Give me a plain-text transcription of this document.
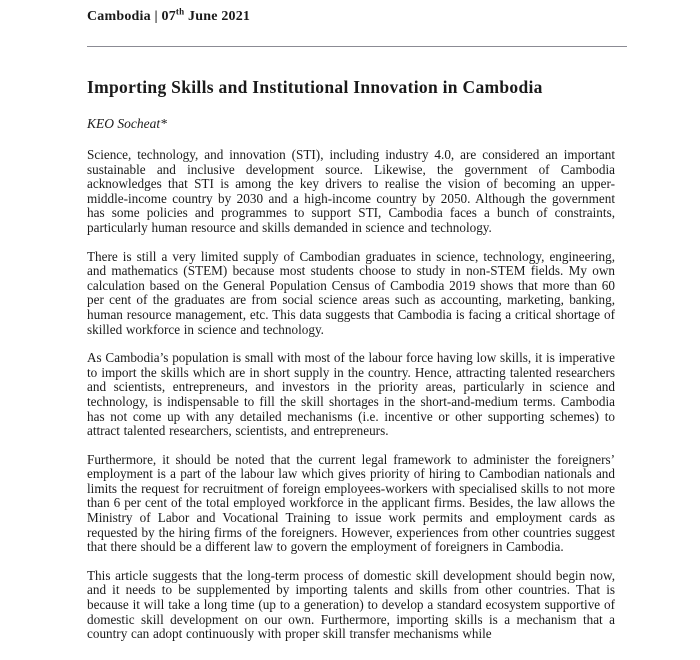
Cambodia | 07th June 2021
Importing Skills and Institutional Innovation in Cambodia
KEO Socheat*

Science, technology, and innovation (STI), including industry 4.0, are considered an important sustainable and inclusive development source. Likewise, the government of Cambodia acknowledges that STI is among the key drivers to realise the vision of becoming an upper-middle-income country by 2030 and a high-income country by 2050. Although the government has some policies and programmes to support STI, Cambodia faces a bunch of constraints, particularly human resource and skills demanded in science and technology.

There is still a very limited supply of Cambodian graduates in science, technology, engineering, and mathematics (STEM) because most students choose to study in non-STEM fields. My own calculation based on the General Population Census of Cambodia 2019 shows that more than 60 per cent of the graduates are from social science areas such as accounting, marketing, banking, human resource management, etc. This data suggests that Cambodia is facing a critical shortage of skilled workforce in science and technology.

As Cambodia’s population is small with most of the labour force having low skills, it is imperative to import the skills which are in short supply in the country. Hence, attracting talented researchers and scientists, entrepreneurs, and investors in the priority areas, particularly in science and technology, is indispensable to fill the skill shortages in the short-and-medium terms. Cambodia has not come up with any detailed mechanisms (i.e. incentive or other supporting schemes) to attract talented researchers, scientists, and entrepreneurs.

Furthermore, it should be noted that the current legal framework to administer the foreigners’ employment is a part of the labour law which gives priority of hiring to Cambodian nationals and limits the request for recruitment of foreign employees-workers with specialised skills to not more than 6 per cent of the total employed workforce in the applicant firms. Besides, the law allows the Ministry of Labor and Vocational Training to issue work permits and employment cards as requested by the hiring firms of the foreigners. However, experiences from other countries suggest that there should be a different law to govern the employment of foreigners in Cambodia.

This article suggests that the long-term process of domestic skill development should begin now, and it needs to be supplemented by importing talents and skills from other countries. That is because it will take a long time (up to a generation) to develop a standard ecosystem supportive of domestic skill development on our own. Furthermore, importing skills is a mechanism that a country can adopt continuously with proper skill transfer mechanisms while
